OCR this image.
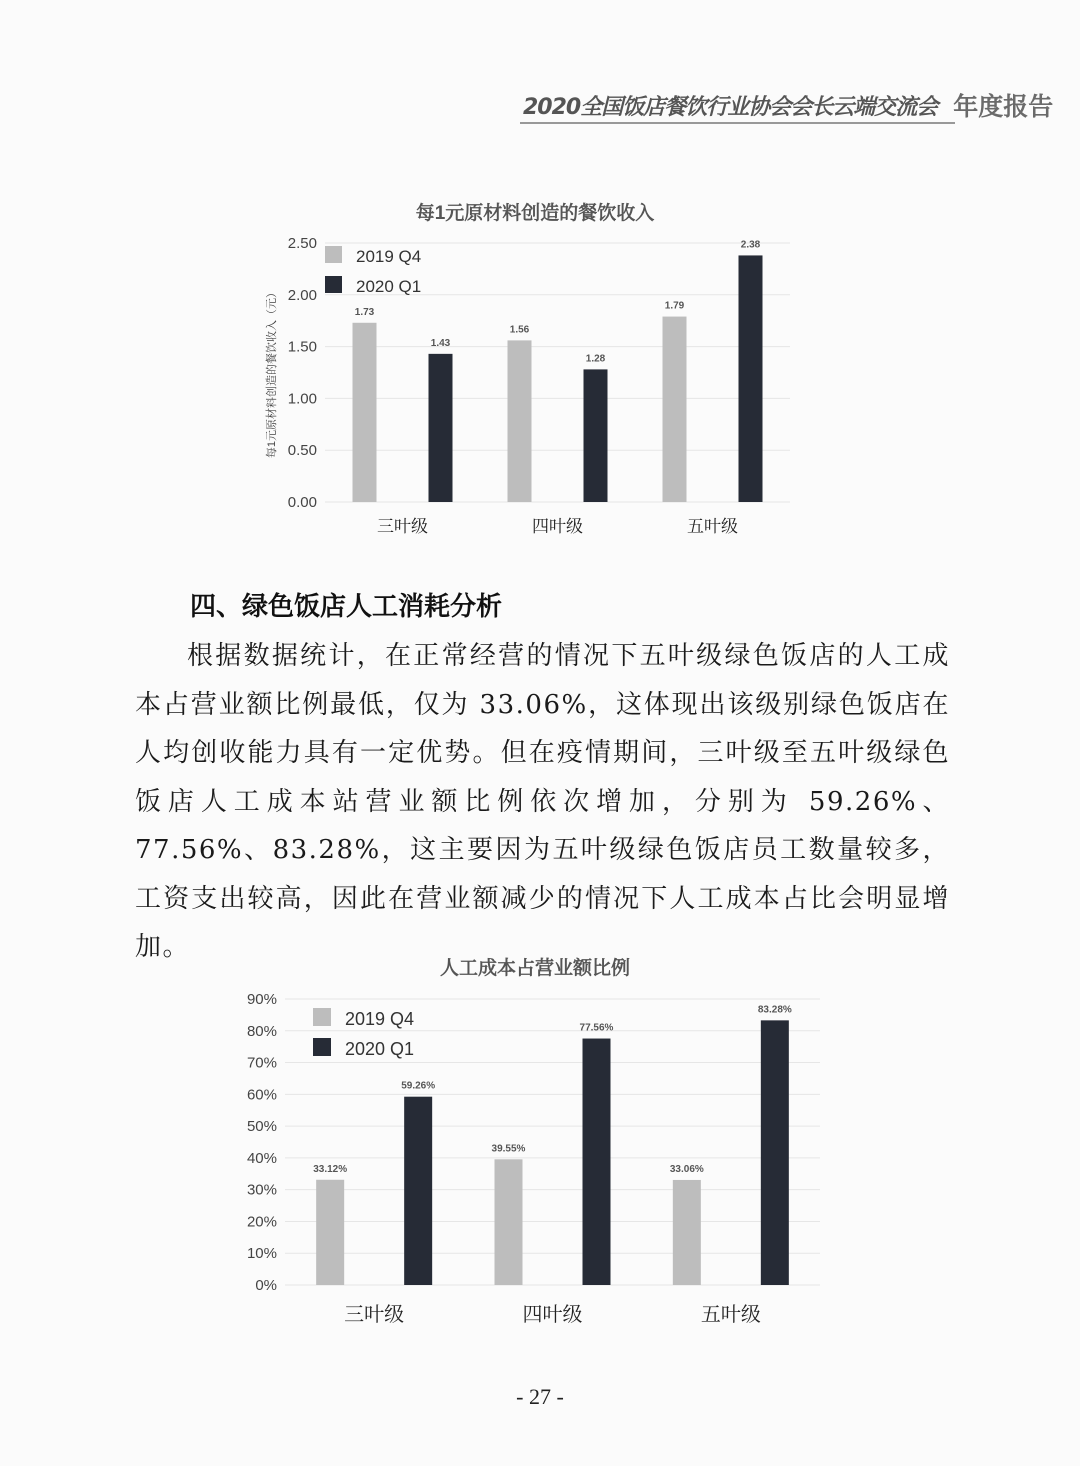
2020全国饭店餐饮行业协会会长云端交流会 年度报告
每1元原材料创造的餐饮收入
0.00
0.50
1.00
1.50
2.00
2.50
每1元原材料创造的餐饮收入（元）	1.73
1.43
三叶级
1.56
1.28
四叶级
1.79
2.38
五叶级
2019 Q4
2020 Q1
四、绿色饭店人工消耗分析
根据数据统计，在正常经营的情况下五叶级绿色饭店的人工成本占营业额比例最低，仅为 33.06%，这体现出该级别绿色饭店在人均创收能力具有一定优势。但在疫情期间，三叶级至五叶级绿色饭店人工成本站营业额比例依次增加，分别为 59.26%、77.56%、83.28%，这主要因为五叶级绿色饭店员工数量较多，工资支出较高，因此在营业额减少的情况下人工成本占比会明显增加。
人工成本占营业额比例
0%
10%
20%
30%
40%
50%
60%
70%
80%
90%
33.12%
59.26%
三叶级
39.55%
77.56%
四叶级
33.06%
83.28%
五叶级
2019 Q4
2020 Q1
- 27 -
